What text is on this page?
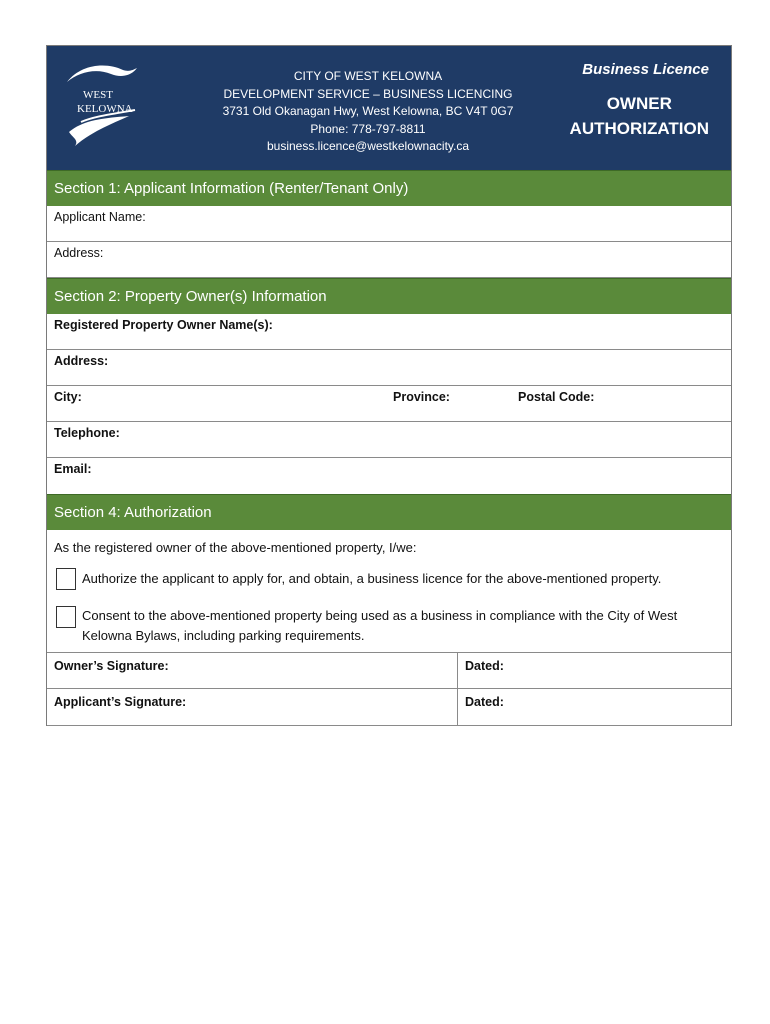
WEST
KELOWNA
CITY OF WEST KELOWNA
DEVELOPMENT SERVICE – BUSINESS LICENCING
3731 Old Okanagan Hwy, West Kelowna, BC V4T 0G7
Phone: 778-797-8811
business.licence@westkelownacity.ca
Business Licence
OWNER
AUTHORIZATION
Section 1: Applicant Information (Renter/Tenant Only)
Applicant Name:
Address:
Section 2: Property Owner(s) Information
Registered Property Owner Name(s):
Address:
City:	Province:	Postal Code:
Telephone:
Email:
Section 4: Authorization
As the registered owner of the above-mentioned property, I/we:
Authorize the applicant to apply for, and obtain, a business licence for the above-mentioned property.
Consent to the above-mentioned property being used as a business in compliance with the City of West Kelowna Bylaws, including parking requirements.
Owner’s Signature:	Dated:
Applicant’s Signature:	Dated:
